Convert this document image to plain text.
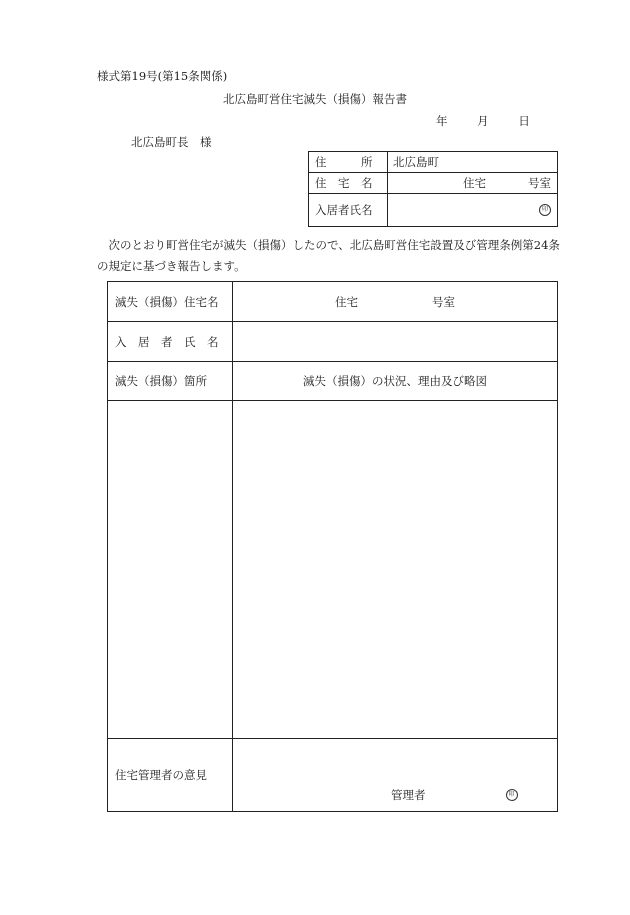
様式第19号(第15条関係)
北広島町営住宅滅失（損傷）報告書
年	月	日
北広島町長　様
住　　　所	北広島町
住　宅　名	住宅 号室

入居者氏名	印

次のとおり町営住宅が滅失（損傷）したので、北広島町営住宅設置及び管理条例第24条の規定に基づき報告します。

滅失（損傷）住宅名	住宅 号室

入　居　者　氏　名	
滅失（損傷）箇所	滅失（損傷）の状況、理由及び略図

住宅管理者の意見	管理者 印
